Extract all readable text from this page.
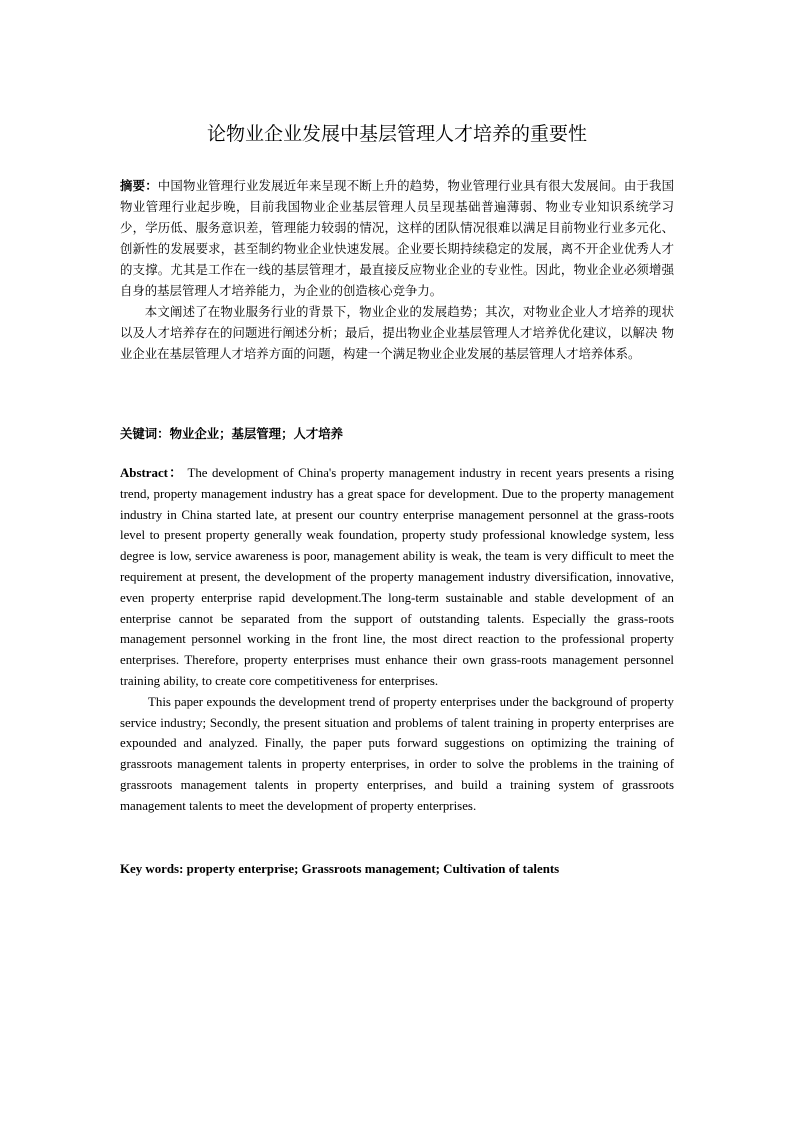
论物业企业发展中基层管理人才培养的重要性

摘要：中国物业管理行业发展近年来呈现不断上升的趋势，物业管理行业具有很大发展间。由于我国物业管理行业起步晚，目前我国物业企业基层管理人员呈现基础普遍薄弱、物业专业知识系统学习少，学历低、服务意识差，管理能力较弱的情况，这样的团队情况很难以满足目前物业行业多元化、创新性的发展要求，甚至制约物业企业快速发展。企业要长期持续稳定的发展，离不开企业优秀人才的支撑。尤其是工作在一线的基层管理才，最直接反应物业企业的专业性。因此，物业企业必须增强自身的基层管理人才培养能力，为企业的创造核心竞争力。

本文阐述了在物业服务行业的背景下，物业企业的发展趋势；其次，对物业企业人才培养的现状以及人才培养存在的问题进行阐述分析；最后，提出物业企业基层管理人才培养优化建议，以解决 物业企业在基层管理人才培养方面的问题，构建一个满足物业企业发展的基层管理人才培养体系。

关键词：物业企业；基层管理；人才培养

Abstract： The development of China's property management industry in recent years presents a rising trend, property management industry has a great space for development. Due to the property management industry in China started late, at present our country enterprise management personnel at the grass-roots level to present property generally weak foundation, property study professional knowledge system, less degree is low, service awareness is poor, management ability is weak, the team is very difficult to meet the requirement at present, the development of the property management industry diversification, innovative, even property enterprise rapid development.The long-term sustainable and stable development of an enterprise cannot be separated from the support of outstanding talents. Especially the grass-roots management personnel working in the front line, the most direct reaction to the professional property enterprises. Therefore, property enterprises must enhance their own grass-roots management personnel training ability, to create core competitiveness for enterprises.

This paper expounds the development trend of property enterprises under the background of property service industry; Secondly, the present situation and problems of talent training in property enterprises are expounded and analyzed. Finally, the paper puts forward suggestions on optimizing the training of grassroots management talents in property enterprises, in order to solve the problems in the training of grassroots management talents in property enterprises, and build a training system of grassroots management talents to meet the development of property enterprises.

Key words: property enterprise; Grassroots management; Cultivation of talents
